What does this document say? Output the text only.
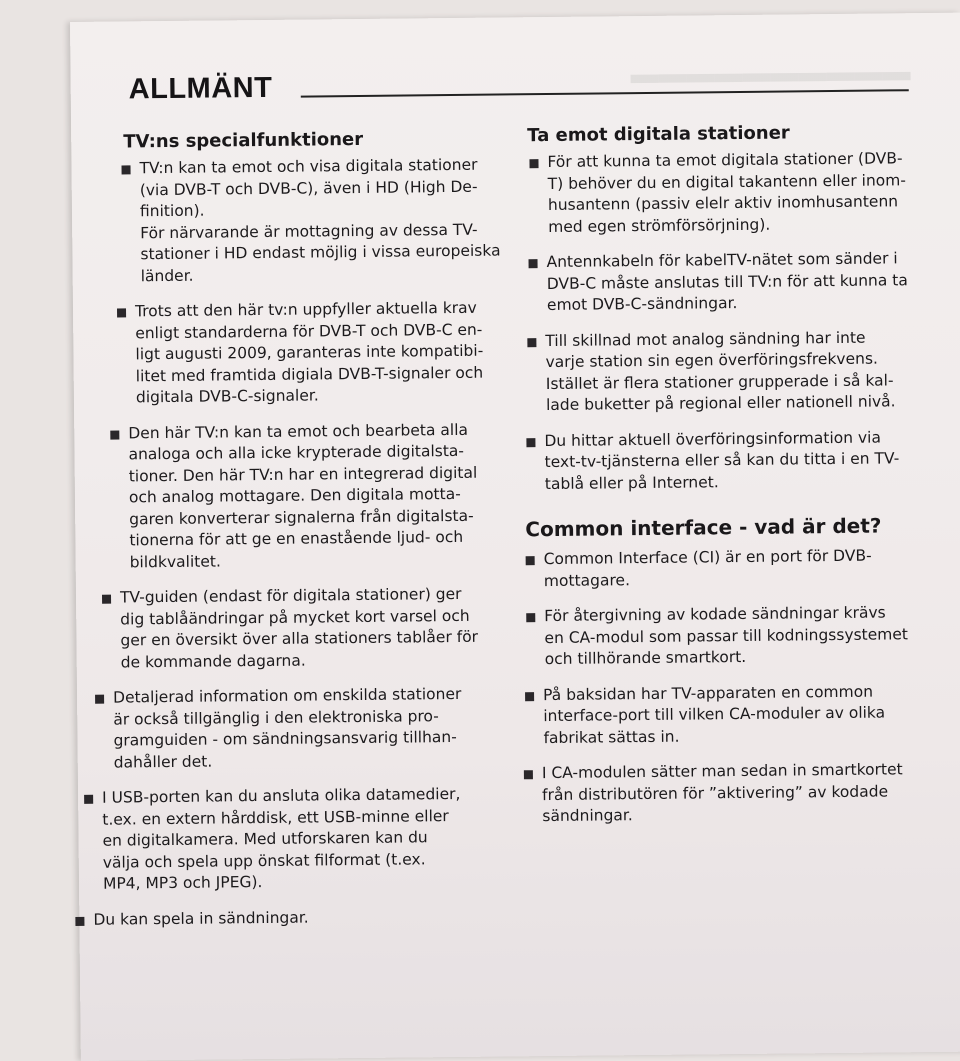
▬▬▬▬▬▬▬▬▬▬
ALLMÄNT
TV:ns specialfunktioner
TV:n kan ta emot och visa digitala stationer
(via DVB-T och DVB-C), även i HD (High De-
finition).
För närvarande är mottagning av dessa TV-
stationer i HD endast möjlig i vissa europeiska
länder.
Trots att den här tv:n uppfyller aktuella krav
enligt standarderna för DVB-T och DVB-C en-
ligt augusti 2009, garanteras inte kompatibi-
litet med framtida digiala DVB-T-signaler och
digitala DVB-C-signaler.
Den här TV:n kan ta emot och bearbeta alla
analoga och alla icke krypterade digitalsta-
tioner. Den här TV:n har en integrerad digital
och analog mottagare. Den digitala motta-
garen konverterar signalerna från digitalsta-
tionerna för att ge en enastående ljud- och
bildkvalitet.
TV-guiden (endast för digitala stationer) ger
dig tablåändringar på mycket kort varsel och
ger en översikt över alla stationers tablåer för
de kommande dagarna.
Detaljerad information om enskilda stationer
är också tillgänglig i den elektroniska pro-
gramguiden - om sändningsansvarig tillhan-
dahåller det.
I USB-porten kan du ansluta olika datamedier,
t.ex. en extern hårddisk, ett USB-minne eller
en digitalkamera. Med utforskaren kan du
välja och spela upp önskat filformat (t.ex.
MP4, MP3 och JPEG).
Du kan spela in sändningar.
Ta emot digitala stationer
För att kunna ta emot digitala stationer (DVB-
T) behöver du en digital takantenn eller inom-
husantenn (passiv elelr aktiv inomhusantenn
med egen strömförsörjning).
Antennkabeln för kabelTV-nätet som sänder i
DVB-C måste anslutas till TV:n för att kunna ta
emot DVB-C-sändningar.
Till skillnad mot analog sändning har inte
varje station sin egen överföringsfrekvens.
Istället är flera stationer grupperade i så kal-
lade buketter på regional eller nationell nivå.
Du hittar aktuell överföringsinformation via
text-tv-tjänsterna eller så kan du titta i en TV-
tablå eller på Internet.
Common interface - vad är det?
Common Interface (CI) är en port för DVB-
mottagare.
För återgivning av kodade sändningar krävs
en CA-modul som passar till kodningssystemet
och tillhörande smartkort.
På baksidan har TV-apparaten en common
interface-port till vilken CA-moduler av olika
fabrikat sättas in.
I CA-modulen sätter man sedan in smartkortet
från distributören för ”aktivering” av kodade
sändningar.
